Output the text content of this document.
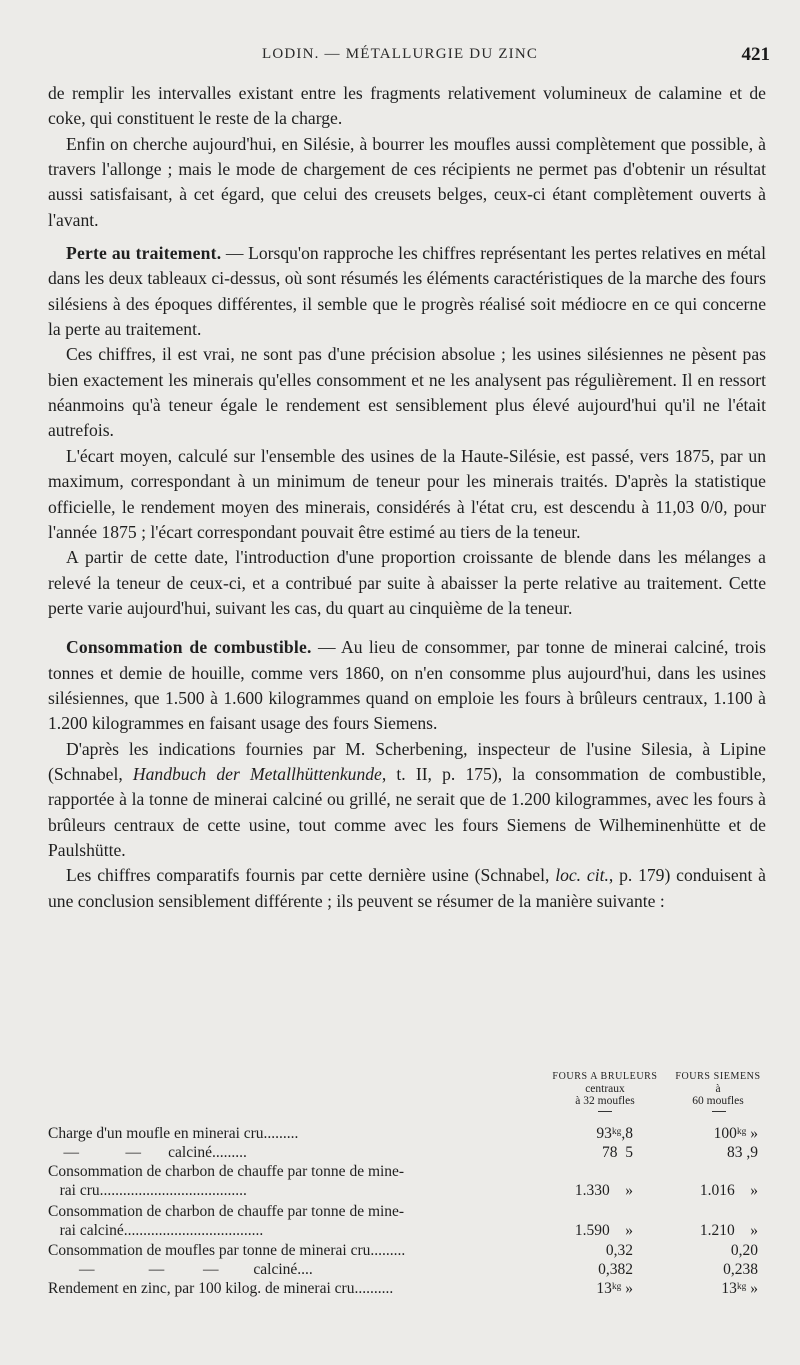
LODIN. — MÉTALLURGIE DU ZINC	421

de remplir les intervalles existant entre les fragments relativement volumineux de calamine et de coke, qui constituent le reste de la charge.

Enfin on cherche aujourd'hui, en Silésie, à bourrer les moufles aussi complètement que possible, à travers l'allonge ; mais le mode de chargement de ces récipients ne permet pas d'obtenir un résultat aussi satisfaisant, à cet égard, que celui des creusets belges, ceux-ci étant complètement ouverts à l'avant.

Perte au traitement. — Lorsqu'on rapproche les chiffres représentant les pertes relatives en métal dans les deux tableaux ci-dessus, où sont résumés les éléments caractéristiques de la marche des fours silésiens à des époques différentes, il semble que le progrès réalisé soit médiocre en ce qui concerne la perte au traitement.

Ces chiffres, il est vrai, ne sont pas d'une précision absolue ; les usines silésiennes ne pèsent pas bien exactement les minerais qu'elles consomment et ne les analysent pas régulièrement. Il en ressort néanmoins qu'à teneur égale le rendement est sensiblement plus élevé aujourd'hui qu'il ne l'était autrefois.

L'écart moyen, calculé sur l'ensemble des usines de la Haute-Silésie, est passé, vers 1875, par un maximum, correspondant à un minimum de teneur pour les minerais traités. D'après la statistique officielle, le rendement moyen des minerais, considérés à l'état cru, est descendu à 11,03 0/0, pour l'année 1875 ; l'écart correspondant pouvait être estimé au tiers de la teneur.

A partir de cette date, l'introduction d'une proportion croissante de blende dans les mélanges a relevé la teneur de ceux-ci, et a contribué par suite à abaisser la perte relative au traitement. Cette perte varie aujourd'hui, suivant les cas, du quart au cinquième de la teneur.

Consommation de combustible. — Au lieu de consommer, par tonne de minerai calciné, trois tonnes et demie de houille, comme vers 1860, on n'en consomme plus aujourd'hui, dans les usines silésiennes, que 1.500 à 1.600 kilogrammes quand on emploie les fours à brûleurs centraux, 1.100 à 1.200 kilogrammes en faisant usage des fours Siemens.

D'après les indications fournies par M. Scherbening, inspecteur de l'usine Silesia, à Lipine (Schnabel, Handbuch der Metallhüttenkunde, t. II, p. 175), la consommation de combustible, rapportée à la tonne de minerai calciné ou grillé, ne serait que de 1.200 kilogrammes, avec les fours à brûleurs centraux de cette usine, tout comme avec les fours Siemens de Wilheminenhütte et de Paulshütte.

Les chiffres comparatifs fournis par cette dernière usine (Schnabel, loc. cit., p. 179) conduisent à une conclusion sensiblement différente ; ils peuvent se résumer de la manière suivante :

FOURS A BRULEURS
centraux
à 32 moufles
FOURS SIEMENS
à
60 moufles
Charge d'un moufle en minerai cru.........	93ᵏᵍ,8	100ᵏᵍ »
—            —       calciné.........	78  5	83 ,9
Consommation de charbon de chauffe par tonne de mine-
rai cru......................................	1.330    »	1.016    »
Consommation de charbon de chauffe par tonne de mine-
rai calciné....................................	1.590    »	1.210    »
Consommation de moufles par tonne de minerai cru.........	0,32	0,20
—              —          —         calciné....	0,382	0,238
Rendement en zinc, par 100 kilog. de minerai cru..........	13ᵏᵍ »	13ᵏᵍ »
